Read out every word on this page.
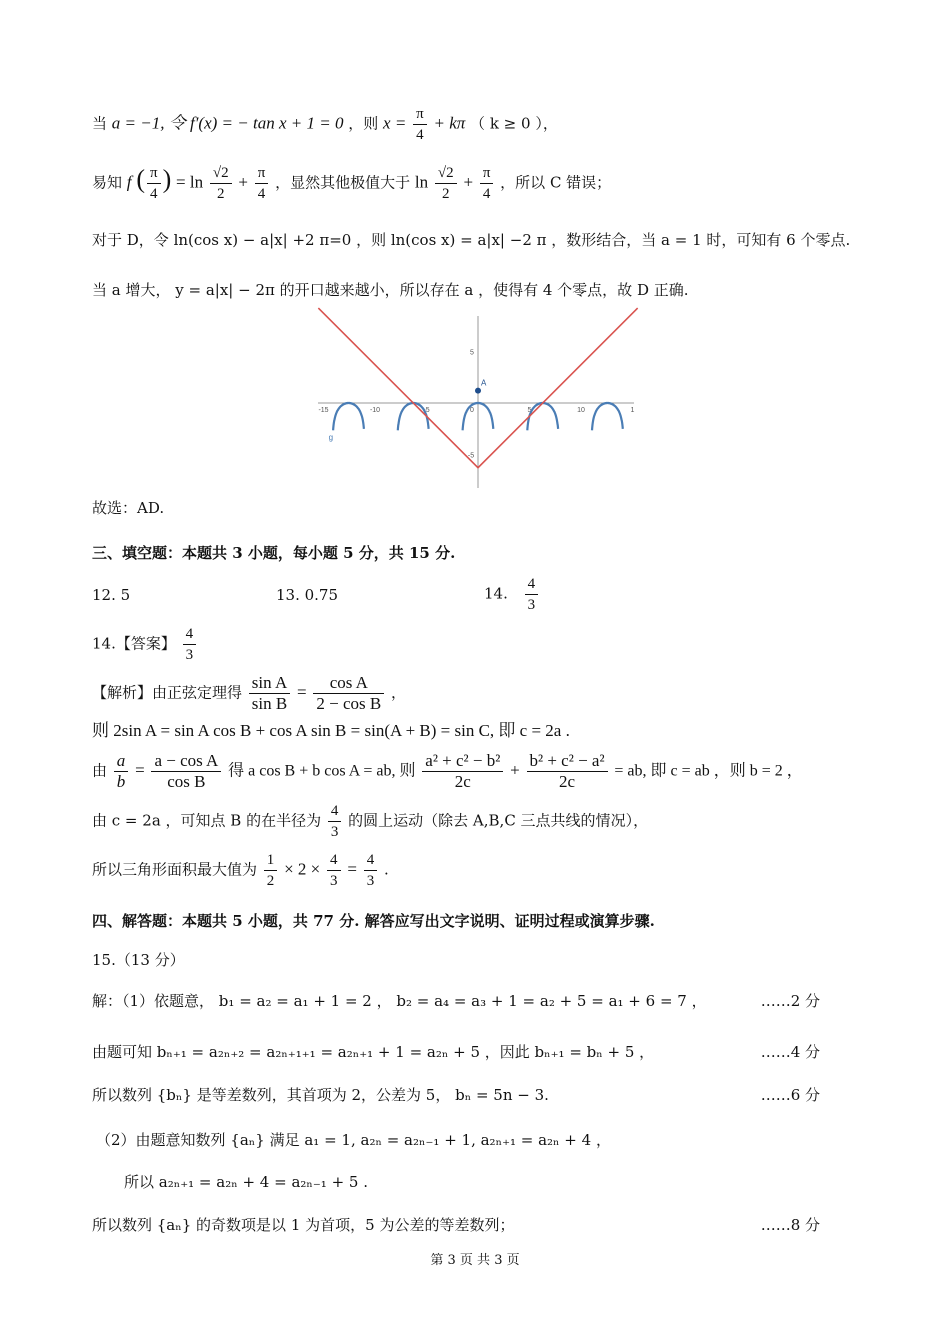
当 a = −1, 令 f′(x) = − tan x + 1 = 0 ，则 $x = \frac{\pi}{4} + k\pi$ （ k ≥ 0 ），
易知 f ( $\frac{\pi}{4}$ ) = $\ln \frac{√2}{2} + \frac{\pi}{4}$ ，显然其他极值大于 $\ln \frac{√2}{2} + \frac{\pi}{4}$ ，所以 C 错误；
对于 D，令 ln(cos x) − a|x| +2 π=0 ，则 ln(cos x) = a|x| −2 π ，数形结合，当 a = 1 时，可知有 6 个零点.
当 a 增大， y = a|x| − 2π 的开口越来越小，所以存在 a ，使得有 4 个零点，故 D 正确.
-15	-10	-5	0	5	10	1
5
-5
A
g
故选：AD.
三、填空题：本题共 3 小题，每小题 5 分，共 15 分.
12. 5	13. 0.75	14. $\frac{4}{3}$
14.【答案】 $\frac{4}{3}$
【解析】由正弦定理得 $\frac{\text{sin A}}{\text{sin B}} = \frac{\text{cos A}}{\text{2 − cos B}}$ ，
则 2sin A = sin A cos B + cos A sin B = sin(A + B) = sin C, 即 c = 2a .
由 $\frac{a}{b} = \frac{\text{a − cos A}}{\text{cos B}}$ 得 a cos B + b cos A = ab, 则 $\frac{\text{a² + c² − b²}}{2c} + \frac{\text{b² + c² − a²}}{2c}$ = ab, 即 c = ab ，则 b = 2 ，
由 c = 2a ，可知点 B 的在半径为 $\frac{4}{3}$ 的圆上运动（除去 A,B,C 三点共线的情况），
所以三角形面积最大值为 $\frac{1}{2} \times 2 \times \frac{4}{3} = \frac{4}{3}$ .
四、解答题：本题共 5 小题，共 77 分. 解答应写出文字说明、证明过程或演算步骤.
15.（13 分）
解：（1）依题意， b₁ = a₂ = a₁ + 1 = 2 ， b₂ = a₄ = a₃ + 1 = a₂ + 5 = a₁ + 6 = 7 ，	……2 分
由题可知 bₙ₊₁ = a₂ₙ₊₂ = a₂ₙ₊₁₊₁ = a₂ₙ₊₁ + 1 = a₂ₙ + 5 ，因此 bₙ₊₁ = bₙ + 5 ，	……4 分
所以数列 {bₙ} 是等差数列，其首项为 2，公差为 5， bₙ = 5n − 3.	……6 分
（2）由题意知数列 {aₙ} 满足 a₁ = 1, a₂ₙ = a₂ₙ₋₁ + 1, a₂ₙ₊₁ = a₂ₙ + 4 ，
所以 a₂ₙ₊₁ = a₂ₙ + 4 = a₂ₙ₋₁ + 5 .
所以数列 {aₙ} 的奇数项是以 1 为首项，5 为公差的等差数列；	……8 分
第 3 页 共 3 页
